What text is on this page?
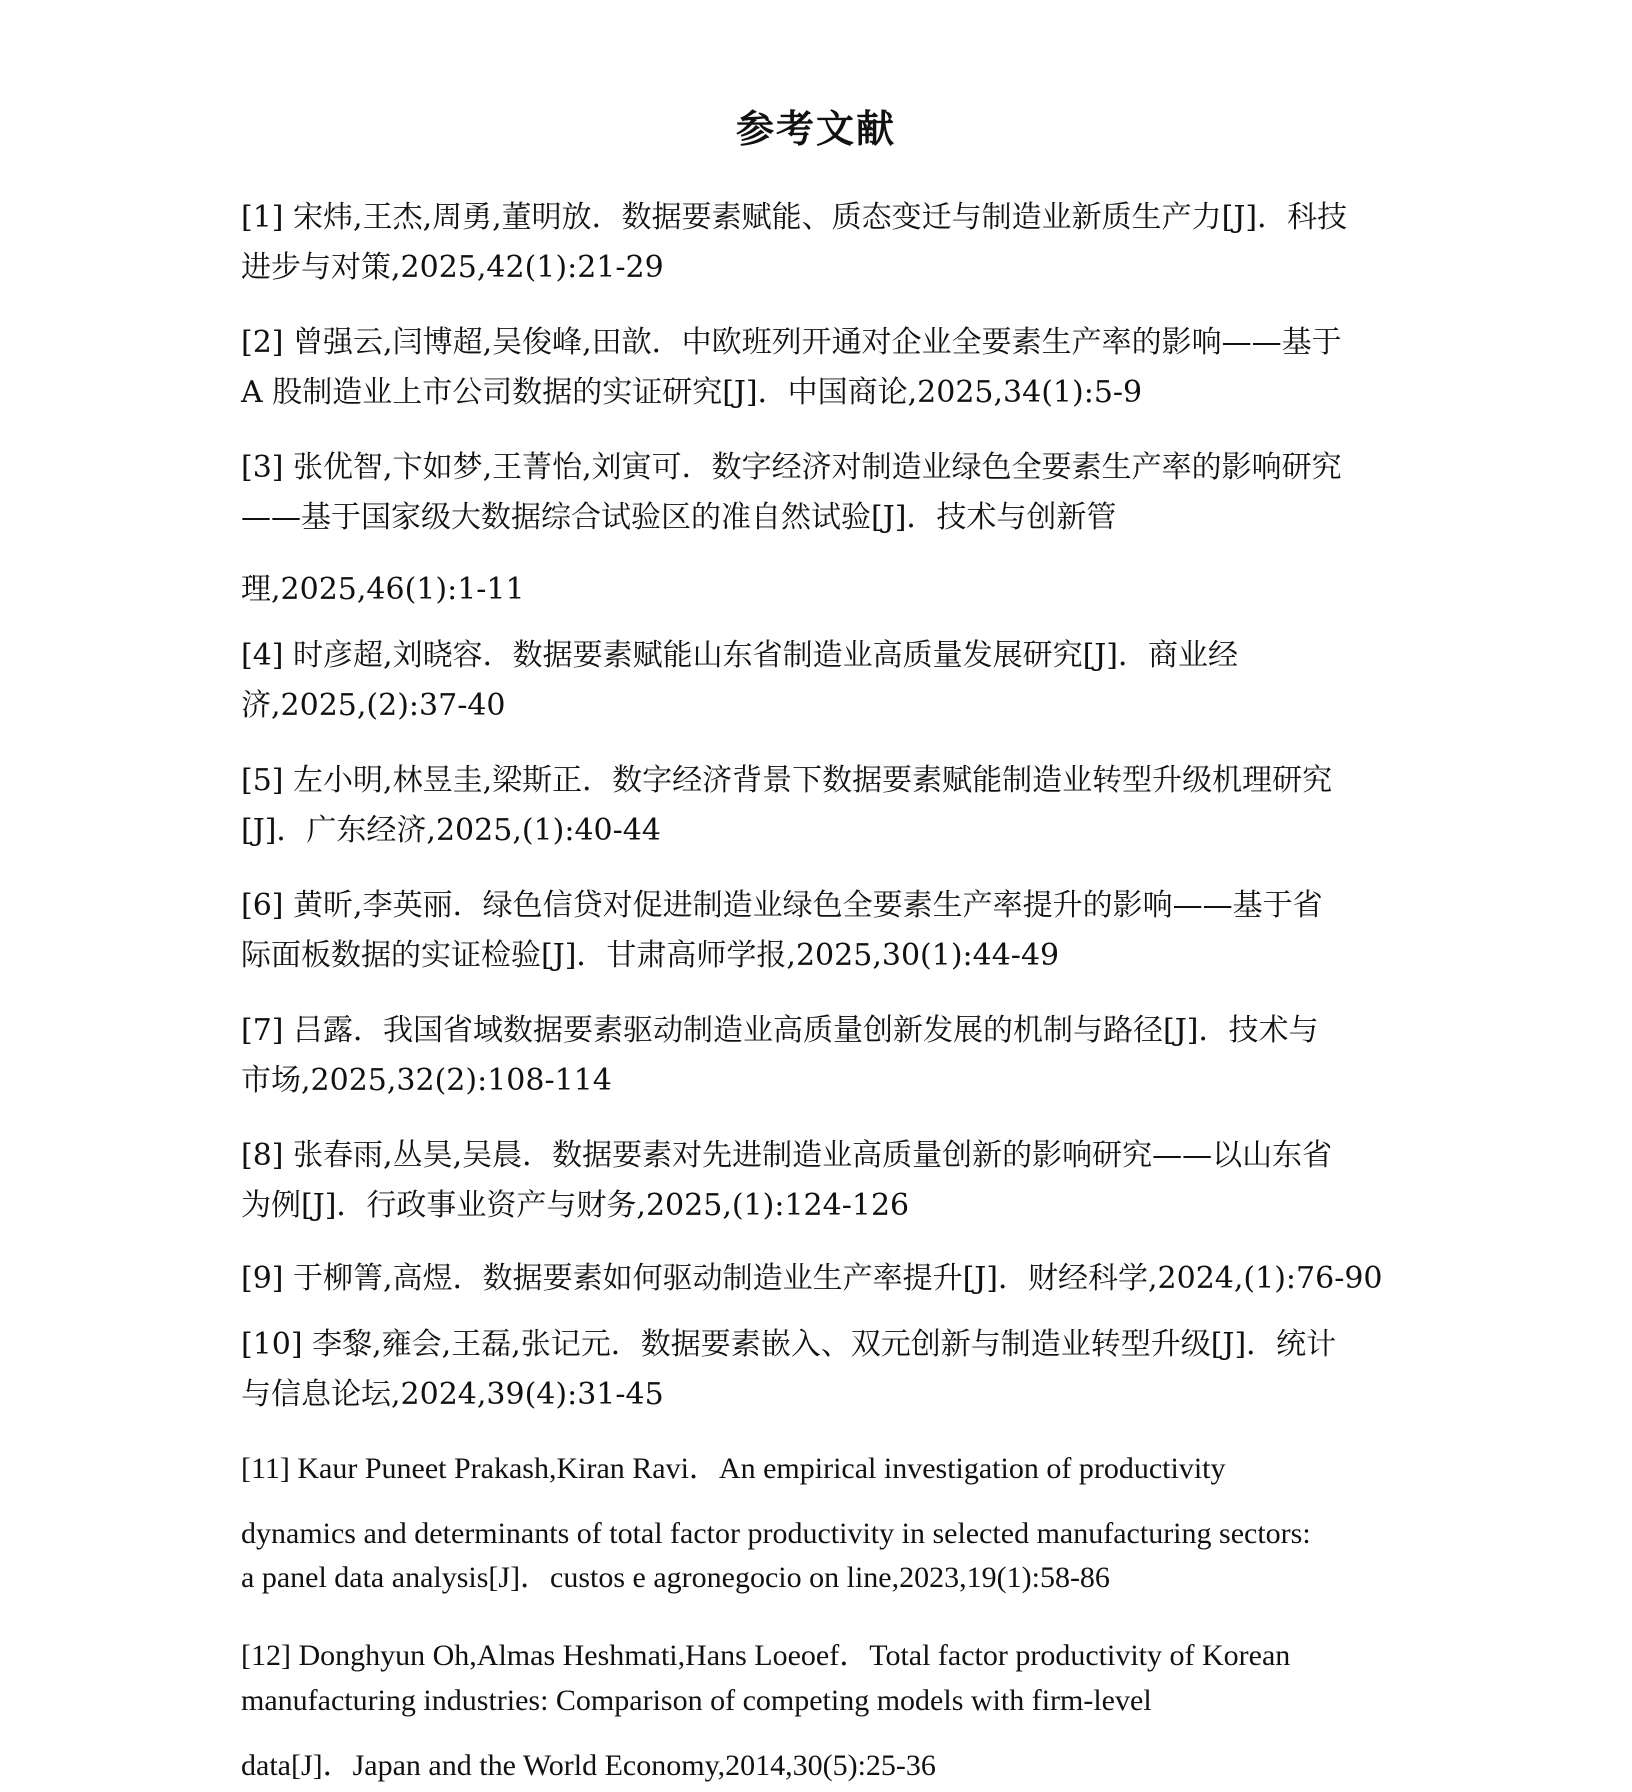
参考文献
[1] 宋炜,王杰,周勇,董明放．数据要素赋能、质态变迁与制造业新质生产力[J]．科技
进步与对策,2025,42(1):21-29
[2] 曾强云,闫博超,吴俊峰,田歆．中欧班列开通对企业全要素生产率的影响——基于
A 股制造业上市公司数据的实证研究[J]．中国商论,2025,34(1):5-9
[3] 张优智,卞如梦,王菁怡,刘寅可．数字经济对制造业绿色全要素生产率的影响研究
——基于国家级大数据综合试验区的准自然试验[J]．技术与创新管
理,2025,46(1):1-11
[4] 时彦超,刘晓容．数据要素赋能山东省制造业高质量发展研究[J]．商业经
济,2025,(2):37-40
[5] 左小明,林昱圭,梁斯正．数字经济背景下数据要素赋能制造业转型升级机理研究
[J]．广东经济,2025,(1):40-44
[6] 黄昕,李英丽．绿色信贷对促进制造业绿色全要素生产率提升的影响——基于省
际面板数据的实证检验[J]．甘肃高师学报,2025,30(1):44-49
[7] 吕露．我国省域数据要素驱动制造业高质量创新发展的机制与路径[J]．技术与
市场,2025,32(2):108-114
[8] 张春雨,丛昊,吴晨．数据要素对先进制造业高质量创新的影响研究——以山东省
为例[J]．行政事业资产与财务,2025,(1):124-126
[9] 于柳箐,高煜．数据要素如何驱动制造业生产率提升[J]．财经科学,2024,(1):76-90
[10] 李黎,雍会,王磊,张记元．数据要素嵌入、双元创新与制造业转型升级[J]．统计
与信息论坛,2024,39(4):31-45
[11] Kaur Puneet Prakash,Kiran Ravi．An empirical investigation of productivity
dynamics and determinants of total factor productivity in selected manufacturing sectors:
a panel data analysis[J]．custos e agronegocio on line,2023,19(1):58-86
[12] Donghyun Oh,Almas Heshmati,Hans Loeoef．Total factor productivity of Korean
manufacturing industries: Comparison of competing models with firm-level
data[J]．Japan and the World Economy,2014,30(5):25-36
